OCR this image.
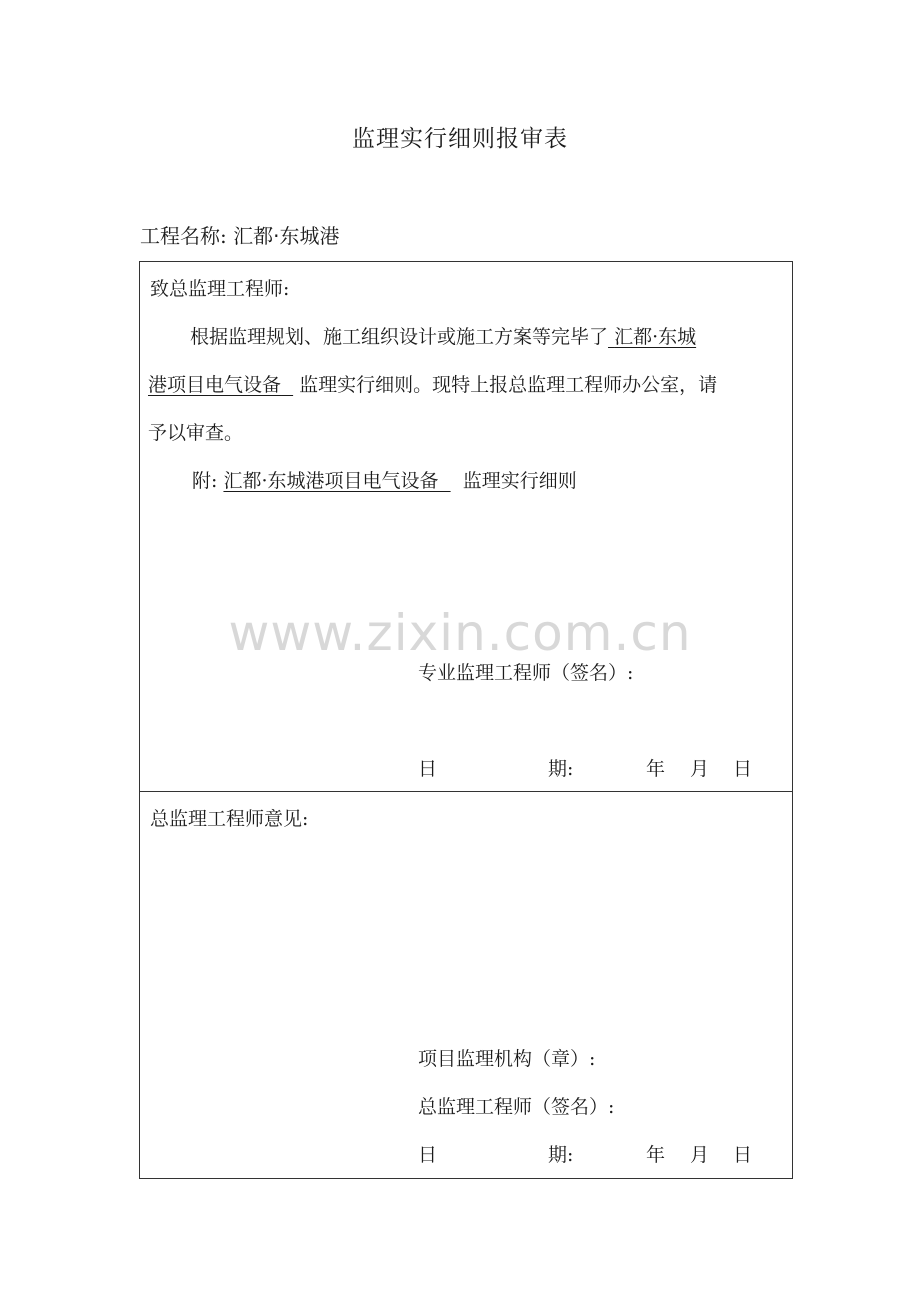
监理实行细则报审表
工程名称: 汇都·东城港
致总监理工程师:
根据监理规划、施工组织设计或施工方案等完毕了 汇都·东城
港项目电气设备 监理实行细则。现特上报总监理工程师办公室，请
予以审查。
附: 汇都·东城港项目电气设备 监理实行细则
专业监理工程师（签名）:
日	期:	年 月 日
总监理工程师意见:
项目监理机构（章）:
总监理工程师（签名）:
日	期:	年 月 日
www.zixin.com.cn
